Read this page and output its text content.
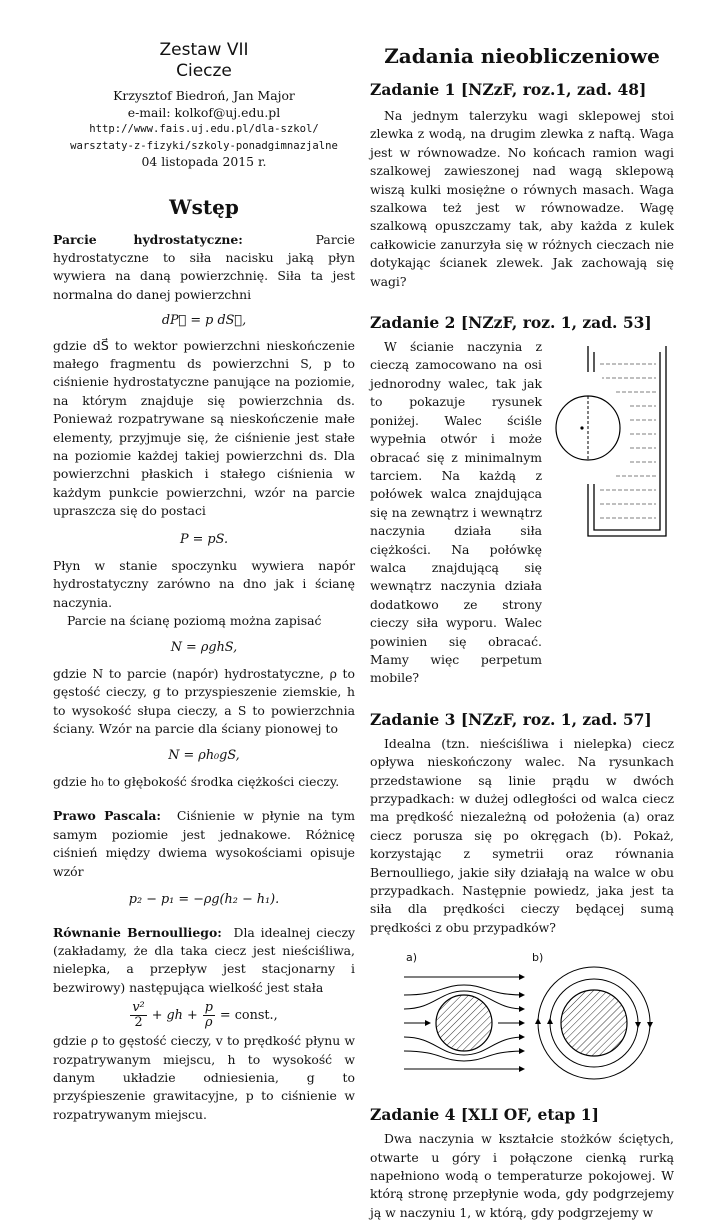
Zestaw VII
Ciecze
Krzysztof Biedroń, Jan Major
e-mail: kolkof@uj.edu.pl
http://www.fais.uj.edu.pl/dla-szkol/
warsztaty-z-fizyki/szkoly-ponadgimnazjalne
04 listopada 2015 r.
Wstęp

Parcie hydrostatyczne:	Parcie hydrostatyczne to siła nacisku jaką płyn wywiera na daną powierzchnię. Siła ta jest normalna do danej powierzchni

dP⃗ = p dS⃗,

gdzie dS⃗ to wektor powierzchni nieskończenie małego fragmentu ds powierzchni S, p to ciśnienie hydrostatyczne panujące na poziomie, na którym znajduje się powierzchnia ds. Ponieważ rozpatrywane są nieskończenie małe elementy, przyjmuje się, że ciśnienie jest stałe na poziomie każdej takiej powierzchni ds. Dla powierzchni płaskich i stałego ciśnienia w każdym punkcie powierzchni, wzór na parcie upraszcza się do postaci

P = pS.

Płyn w stanie spoczynku wywiera napór hydrostatyczny zarówno na dno jak i ścianę naczynia.

Parcie na ścianę poziomą można zapisać

N = ρghS,

gdzie N to parcie (napór) hydrostatyczne, ρ to gęstość cieczy, g to przyspieszenie ziemskie, h to wysokość słupa cieczy, a S to powierzchnia ściany. Wzór na parcie dla ściany pionowej to

N = ρh₀gS,

gdzie h₀ to głębokość środka ciężkości cieczy.

Prawo Pascala: Ciśnienie w płynie na tym samym poziomie jest jednakowe. Różnicę ciśnień między dwiema wysokościami opisuje wzór

p₂ − p₁ = −ρg(h₂ − h₁).

Równanie Bernoulliego: Dla idealnej cieczy (zakładamy, że dla taka ciecz jest nieściśliwa, nielepka, a przepływ jest stacjonarny i bezwirowy) następująca wielkość jest stała

v²
2 + gh + $\frac{p}{\rho}$ = const.,

gdzie ρ to gęstość cieczy, v to prędkość płynu w rozpatrywanym miejscu, h to wysokość w danym układzie odniesienia, g to przyśpieszenie grawitacyjne, p to ciśnienie w rozpatrywanym miejscu.

Zadania nieobliczeniowe
Zadanie 1 [NZzF, roz.1, zad. 48]

Na jednym talerzyku wagi sklepowej stoi zlewka z wodą, na drugim zlewka z naftą. Waga jest w równowadze. No końcach ramion wagi szalkowej zawieszonej nad wagą sklepową wiszą kulki mosiężne o równych masach. Waga szalkowa też jest w równowadze. Wagę szalkową opuszczamy tak, aby każda z kulek całkowicie zanurzyła się w różnych cieczach nie dotykając ścianek zlewek. Jak zachowają się wagi?

Zadanie 2 [NZzF, roz. 1, zad. 53]

W ścianie naczynia z cieczą zamocowano na osi jednorodny walec, tak jak to pokazuje rysunek poniżej. Walec ściśle wypełnia otwór i może obracać się z minimalnym tarciem. Na każdą z połówek walca znajdująca się na zewnątrz i wewnątrz naczynia działa siła ciężkości. Na połówkę walca znajdującą się wewnątrz naczynia działa dodatkowo ze strony cieczy siła wyporu. Walec powinien się obracać. Mamy więc perpetum mobile?

Zadanie 3 [NZzF, roz. 1, zad. 57]

Idealna (tzn. nieściśliwa i nielepka) ciecz opływa nieskończony walec. Na rysunkach przedstawione są linie prądu w dwóch przypadkach: w dużej odległości od walca ciecz ma prędkość niezależną od położenia (a) oraz ciecz porusza się po okręgach (b). Pokaż, korzystając z symetrii oraz równania Bernoulliego, jakie siły działają na walce w obu przypadkach. Następnie powiedz, jaka jest ta siła dla prędkości cieczy będącej sumą prędkości z obu przypadków?

a)	b)
Zadanie 4 [XLI OF, etap 1]

Dwa naczynia w kształcie stożków ściętych, otwarte u góry i połączone cienką rurką napełniono wodą o temperaturze pokojowej. W którą stronę przepłynie woda, gdy podgrzejemy ją w naczyniu 1, w którą, gdy podgrzejemy w
